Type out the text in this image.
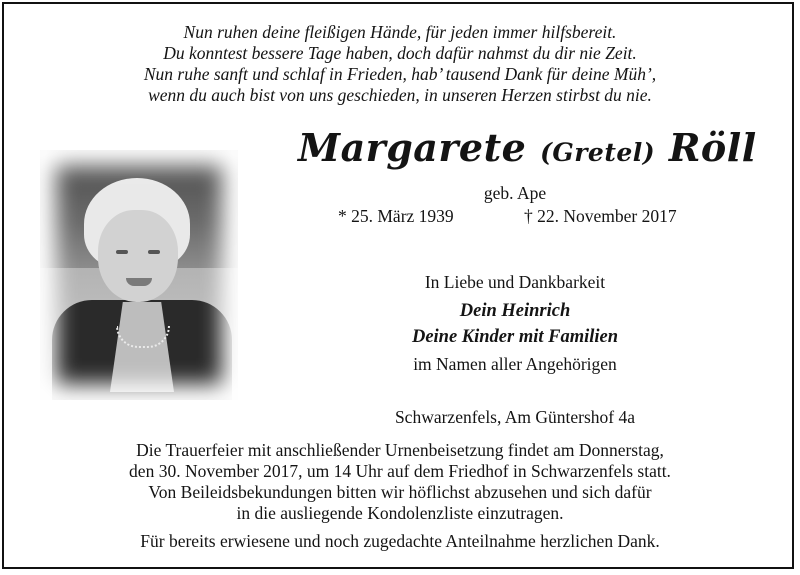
Nun ruhen deine fleißigen Hände, für jeden immer hilfsbereit.
Du konntest bessere Tage haben, doch dafür nahmst du dir nie Zeit.
Nun ruhe sanft und schlaf in Frieden, hab’ tausend Dank für deine Müh’,
wenn du auch bist von uns geschieden, in unseren Herzen stirbst du nie.
Margarete (Gretel) Röll
geb. Ape
* 25. März 1939	† 22. November 2017
In Liebe und Dankbarkeit
Dein Heinrich
Deine Kinder mit Familien
im Namen aller Angehörigen
Schwarzenfels, Am Güntershof 4a
Die Trauerfeier mit anschließender Urnenbeisetzung findet am Donnerstag,
den 30. November 2017, um 14 Uhr auf dem Friedhof in Schwarzenfels statt.
Von Beileidsbekundungen bitten wir höflichst abzusehen und sich dafür
in die ausliegende Kondolenzliste einzutragen.
Für bereits erwiesene und noch zugedachte Anteilnahme herzlichen Dank.
